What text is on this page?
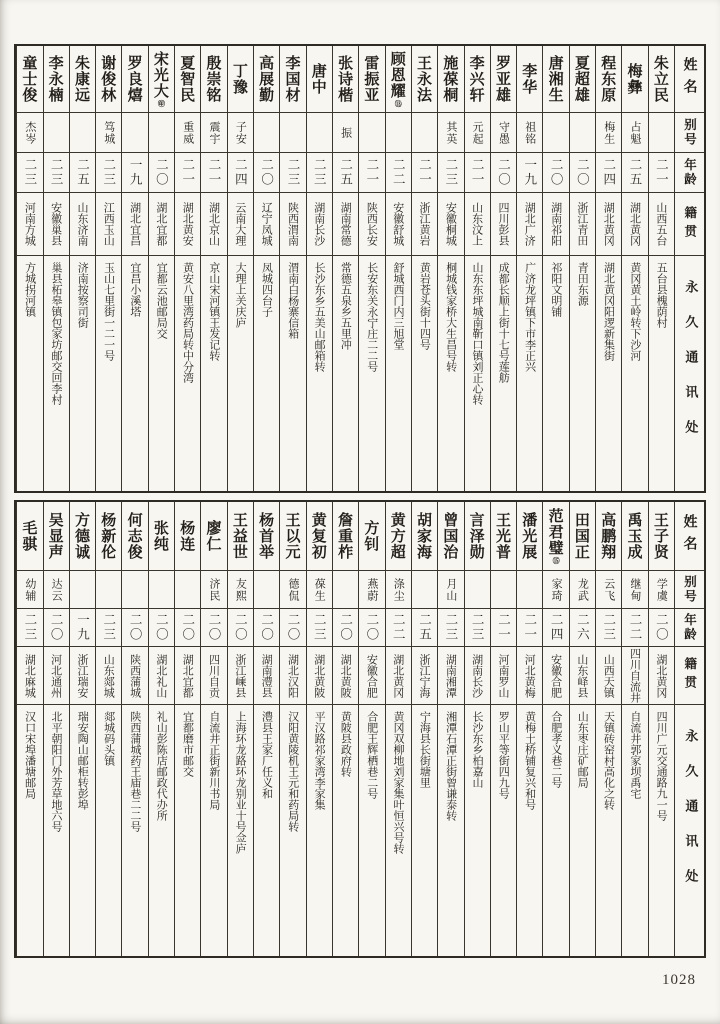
姓名
别号
年龄
籍贯
永久通讯处
朱立民
二一
山西五台
五台县槐荫村
梅彝
占魁
二五
湖北黄冈
黄冈黄土岭转下沙河
程东原
梅生
二四
湖北黄冈
湖北黄冈阳逻新集街
夏超雄
二〇
浙江青田
青田东源
唐湘生
二〇
湖南祁阳
祁阳文明铺
李华
祖铭
一九
湖北广济
广济龙坪镇下市李正兴
罗亚雄
守愚
二〇
四川彭县
成都长顺上街十七号莲舫
李兴轩
元起
二一
山东汶上
山东东坪城南靳口镇刘正心转
施葆桐
其英
二三
安徽桐城
桐城钱家桥大生昌号转
王永法
二一
浙江黄岩
黄岩苍头街十四号
顾恩耀
⑬
二二
安徽舒城
舒城西门内三旭堂
雷振亚
二一
陕西长安
长安东关永宁庄二二号
张诗楷
振
二五
湖南常德
常德五泉乡五里冲
唐中
二三
湖南长沙
长沙东乡五美山邮箱转
李国材
二三
陕西渭南
渭南白杨寨信箱
高展勤
二〇
辽宁凤城
凤城四台子
丁豫
子安
二四
云南大理
大理上关庆庐
殷崇铭
震宇
二一
湖北京山
京山宋河镇王发记转
夏智民
重威
二一
湖北黄安
黄安八里湾药局转中分湾
宋光大
㊞
二〇
湖北宜都
宜都云池邮局交
罗良熺
一九
湖北宜昌
宜昌小溪塔
谢俊林
笃城
二三
江西玉山
玉山七里街一二一号
朱康远
二五
山东济南
济南按察司街
李永楠
二三
安徽巢县
巢县柘皋镇包家坊邮交回李村
童士俊
杰岑
二三
河南方城
方城拐河镇
姓名
别号
年龄
籍贯
永久通讯处
王子贤
学虞
二〇
湖北黄冈
四川广元交通路九一号
禹玉成
继甸
二二
四川自流井
自流井郭家坝禹宅
高鹏翔
云飞
二三
山西天镇
天镇砖窑村高化之转
田国正
龙武
二六
山东峄县
山东枣庄矿邮局
范君璧
⑮
家琦
二四
安徽合肥
合肥孝义巷二号
潘光展
二一
河北黄梅
黄梅土桥铺复兴和号
王光普
二一
河南罗山
罗山平等街四九号
言泽勋
二三
湖南长沙
长沙东乡柏嘉山
曾国治
月山
二三
湖南湘潭
湘潭石潭正街曾谦泰转
胡家海
二五
浙江宁海
宁海县长街塘里
黄方超
涤尘
二二
湖北黄冈
黄冈双柳地刘家集叶恒兴号转
方钊
燕蔚
二〇
安徽合肥
合肥王辉栖巷二号
詹重柞
二〇
湖北黄陂
黄陂县政府转
黄复初
葆生
二三
湖北黄陂
平汉路祁家湾李家集
王以元
德侃
二〇
湖北汉阳
汉阳黄陵机王元和药局转
杨首举
二〇
湖南澧县
澧县王家厂任义和
王益世
友熙
二〇
浙江嵊县
上海环龙路环龙别业十号佥庐
廖仁
济民
二〇
四川自贡
自流井正街新川书局
杨连
二〇
湖北宜都
宜都磨市邮交
张纯
二〇
湖北礼山
礼山彭陈店邮政代办所
何志俊
二〇
陕西蒲城
陕西蒲城药王庙巷二二号
杨新伦
二三
山东郯城
郯城码头镇
方德诚
一九
浙江瑞安
瑞安陶山邮柜转彭埠
吴显声
达云
二〇
河北通州
北平朝阳门外芳草地六号
毛骐
幼辅
二三
湖北麻城
汉口宋埠潘塘邮局
1028
